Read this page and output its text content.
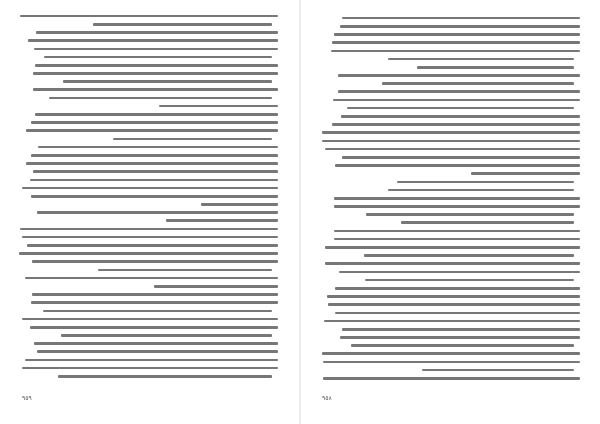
٩٥٩	٩٥٨
